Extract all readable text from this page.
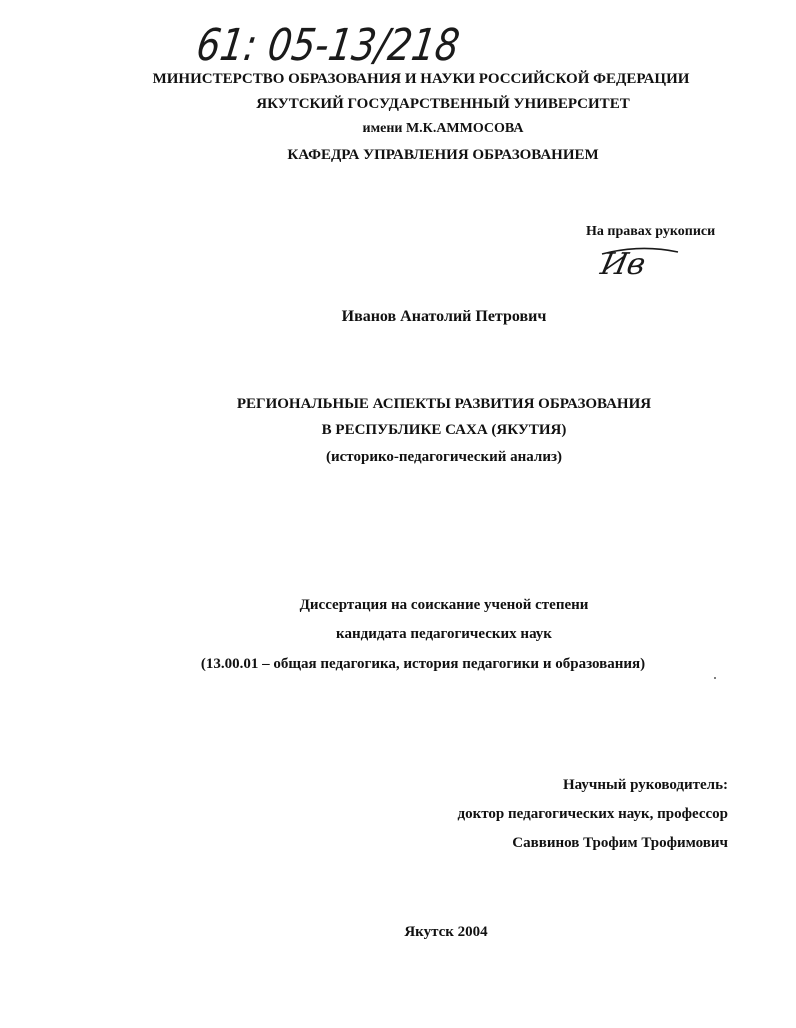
61: 05-13/218
МИНИСТЕРСТВО ОБРАЗОВАНИЯ И НАУКИ РОССИЙСКОЙ ФЕДЕРАЦИИ
ЯКУТСКИЙ ГОСУДАРСТВЕННЫЙ УНИВЕРСИТЕТ
имени М.К.АММОСОВА
КАФЕДРА УПРАВЛЕНИЯ ОБРАЗОВАНИЕМ
На правах рукописи
Ив
Иванов Анатолий Петрович
РЕГИОНАЛЬНЫЕ АСПЕКТЫ РАЗВИТИЯ ОБРАЗОВАНИЯ
В РЕСПУБЛИКЕ САХА (ЯКУТИЯ)
(историко-педагогический анализ)
Диссертация на соискание ученой степени
кандидата педагогических наук
(13.00.01 – общая педагогика, история педагогики и образования)
Научный руководитель:
доктор педагогических наук, профессор
Саввинов Трофим Трофимович
Якутск 2004
